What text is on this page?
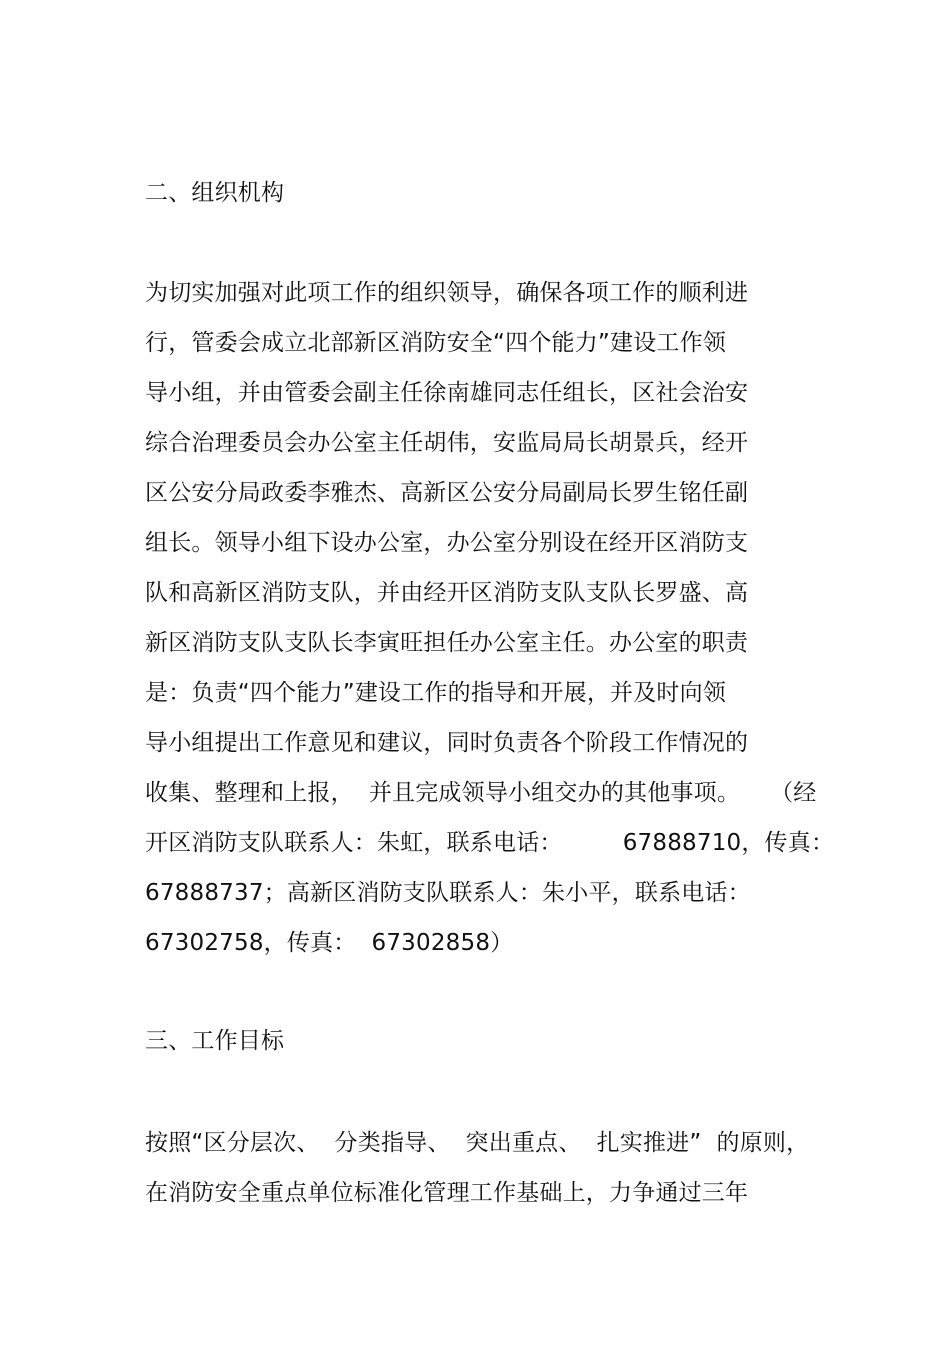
二、组织机构
为切实加强对此项工作的组织领导，确保各项工作的顺利进
行，管委会成立北部新区消防安全“四个能力”建设工作领
导小组，并由管委会副主任徐南雄同志任组长，区社会治安
综合治理委员会办公室主任胡伟，安监局局长胡景兵，经开
区公安分局政委李雅杰、高新区公安分局副局长罗生铭任副
组长。领导小组下设办公室，办公室分别设在经开区消防支
队和高新区消防支队，并由经开区消防支队支队长罗盛、高
新区消防支队支队长李寅旺担任办公室主任。办公室的职责
是：负责“四个能力”建设工作的指导和开展，并及时向领
导小组提出工作意见和建议，同时负责各个阶段工作情况的
收集、整理和上报，  并且完成领导小组交办的其他事项。    （经
开区消防支队联系人：朱虹，联系电话：        67888710，传真：
67888737；高新区消防支队联系人：朱小平，联系电话：
67302758，传真：  67302858）
三、工作目标
按照“区分层次、  分类指导、  突出重点、  扎实推进”  的原则，
在消防安全重点单位标准化管理工作基础上，力争通过三年
